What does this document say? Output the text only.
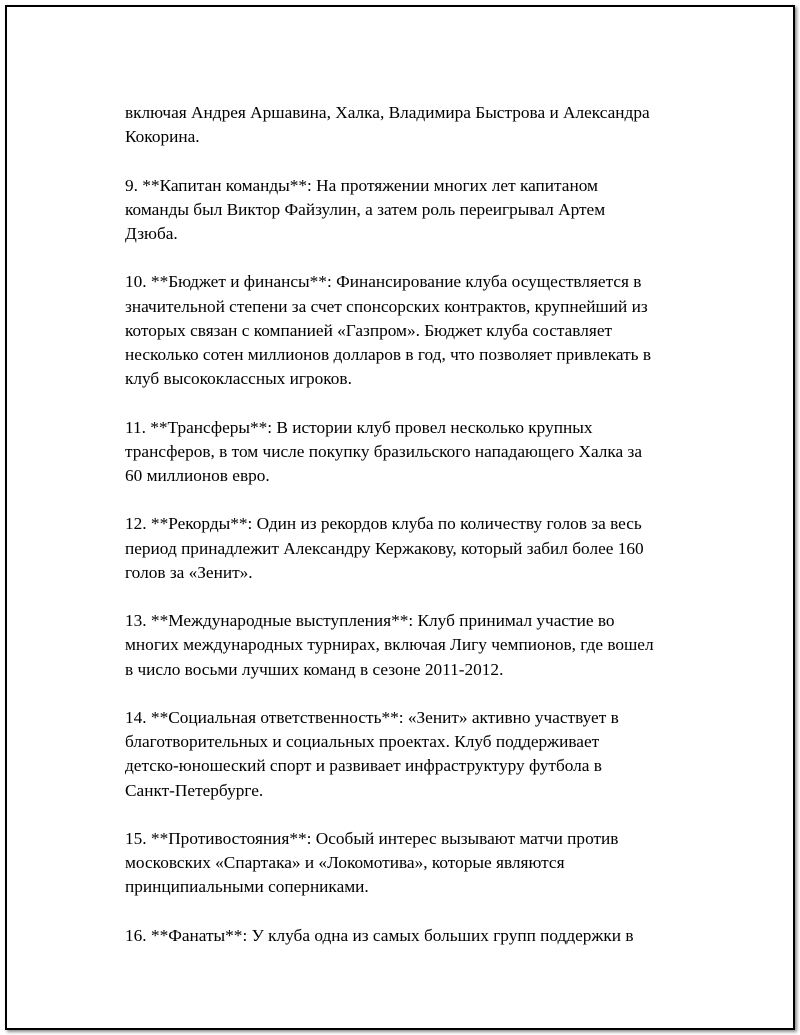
включая Андрея Аршавина, Халка, Владимира Быстрова и Александра
Кокорина.

9. **Капитан команды**: На протяжении многих лет капитаном
команды был Виктор Файзулин, а затем роль переигрывал Артем
Дзюба.

10. **Бюджет и финансы**: Финансирование клуба осуществляется в
значительной степени за счет спонсорских контрактов, крупнейший из
которых связан с компанией «Газпром». Бюджет клуба составляет
несколько сотен миллионов долларов в год, что позволяет привлекать в
клуб высококлассных игроков.

11. **Трансферы**: В истории клуб провел несколько крупных
трансферов, в том числе покупку бразильского нападающего Халка за
60 миллионов евро.

12. **Рекорды**: Один из рекордов клуба по количеству голов за весь
период принадлежит Александру Кержакову, который забил более 160
голов за «Зенит».

13. **Международные выступления**: Клуб принимал участие во
многих международных турнирах, включая Лигу чемпионов, где вошел
в число восьми лучших команд в сезоне 2011-2012.

14. **Социальная ответственность**: «Зенит» активно участвует в
благотворительных и социальных проектах. Клуб поддерживает
детско-юношеский спорт и развивает инфраструктуру футбола в
Санкт-Петербурге.

15. **Противостояния**: Особый интерес вызывают матчи против
московских «Спартака» и «Локомотива», которые являются
принципиальными соперниками.

16. **Фанаты**: У клуба одна из самых больших групп поддержки в
